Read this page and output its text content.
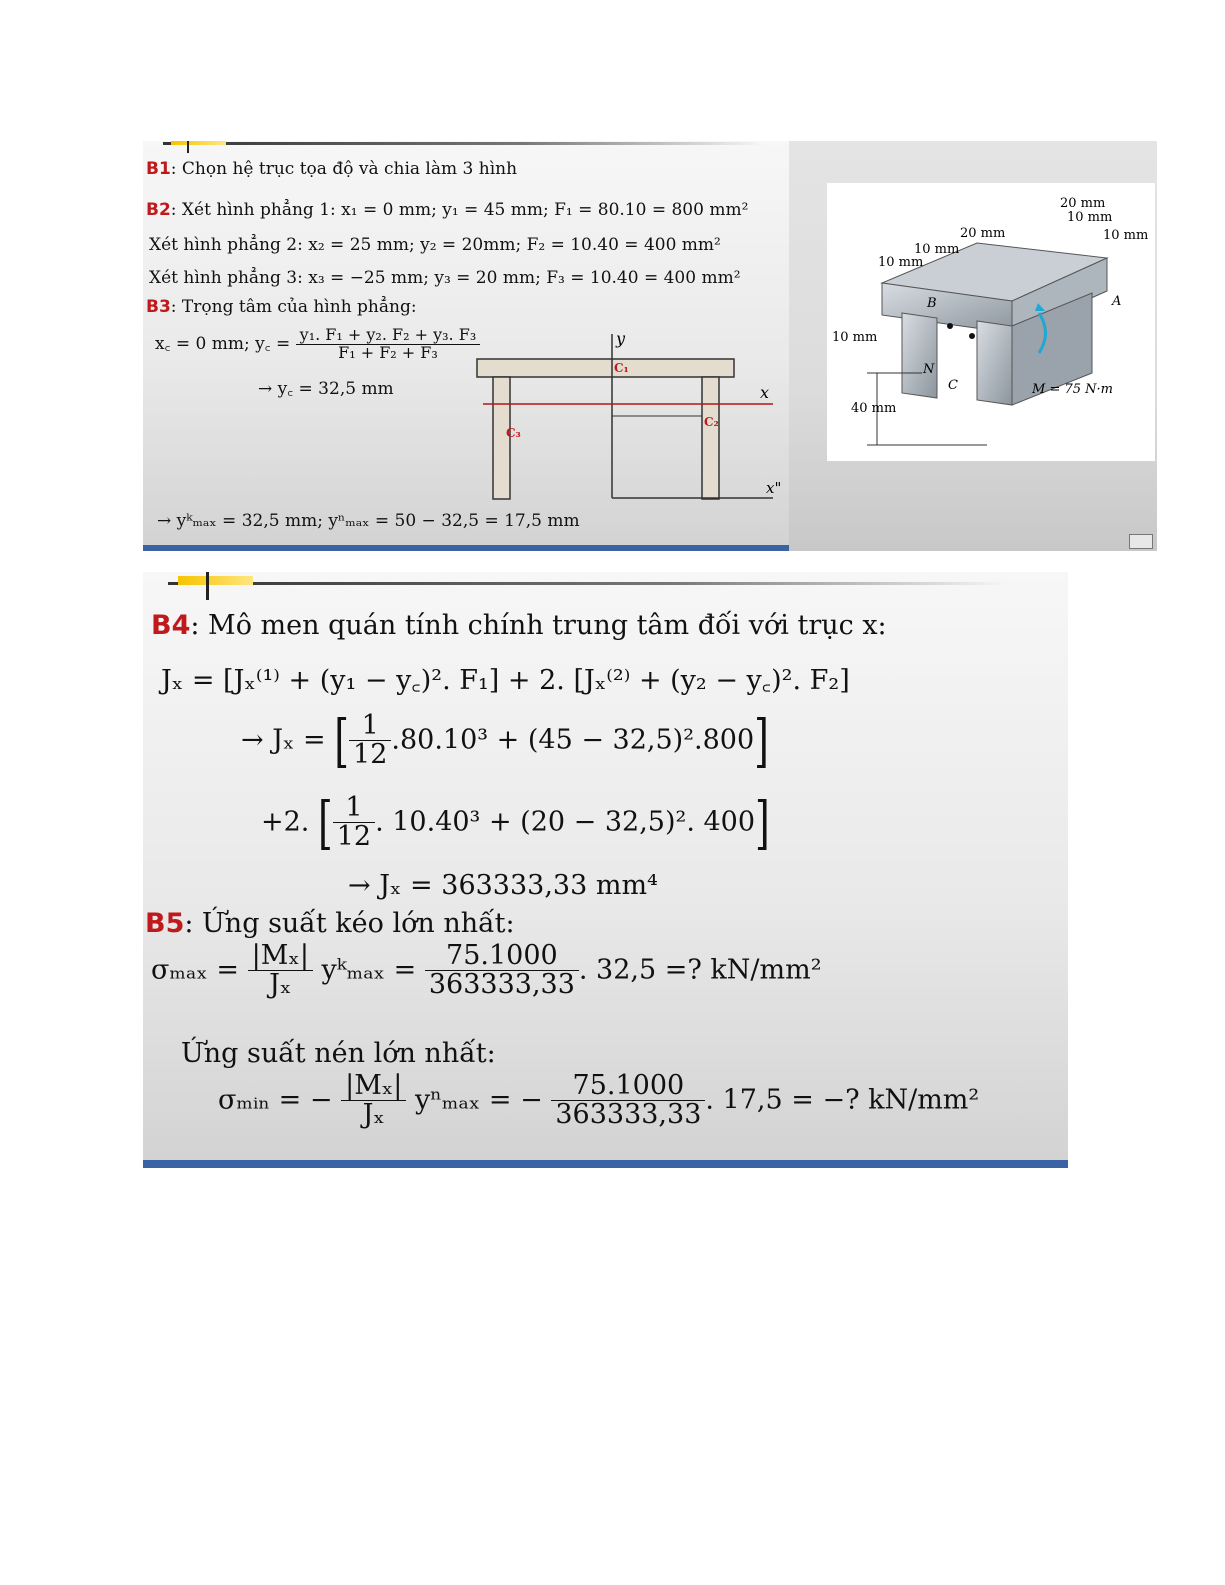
B1: Chọn hệ trục tọa độ và chia làm 3 hình
B2: Xét hình phẳng 1: x₁ = 0 mm; y₁ = 45 mm; F₁ = 80.10 = 800 mm²
Xét hình phẳng 2: x₂ = 25 mm; y₂ = 20mm; F₂ = 10.40 = 400 mm²
Xét hình phẳng 3: x₃ = −25 mm; y₃ = 20 mm; F₃ = 10.40 = 400 mm²
B3: Trọng tâm của hình phẳng:
x꜀ = 0 mm; y꜀ = $\frac{\text{y₁. F₁ + y₂. F₂ + y₃. F₃}}{\text{F₁ + F₂ + F₃}}$
→ y꜀ = 32,5 mm
→ yᵏₘₐₓ = 32,5 mm; yⁿₘₐₓ = 50 − 32,5 = 17,5 mm
y
x
x"
C₁
C₂
C₃
20 mm
10 mm
20 mm	10 mm
10 mm
10 mm
10 mm
40 mm
B	A
N
C	M = 75 N·m
B4: Mô men quán tính chính trung tâm đối với trục x:
Jₓ = [Jₓ⁽¹⁾ + (y₁ − y꜀)². F₁] + 2. [Jₓ⁽²⁾ + (y₂ − y꜀)². F₂]
→ Jₓ = [ $\frac{1}{12} .80.10^3 + (45 - 32,5)^2.800$]
+2. [ $\frac{1}{12}$ . 10.40³ + (20 − 32,5)². 400]
→ Jₓ = 363333,33 mm⁴
B5: Ứng suất kéo lớn nhất:
$\sigma_{max} = \frac{\text{|Mₓ|}}{\text{Jₓ}}$ yᵏₘₐₓ = $\frac{75.1000}{363333,33}$ . 32,5 =? kN/mm²
Ứng suất nén lớn nhất:
σₘᵢₙ = − $\frac{\text{|Mₓ|}}{\text{Jₓ}}$ yⁿₘₐₓ = − $\frac{75.1000}{363333,33}$ . 17,5 = −? kN/mm²
